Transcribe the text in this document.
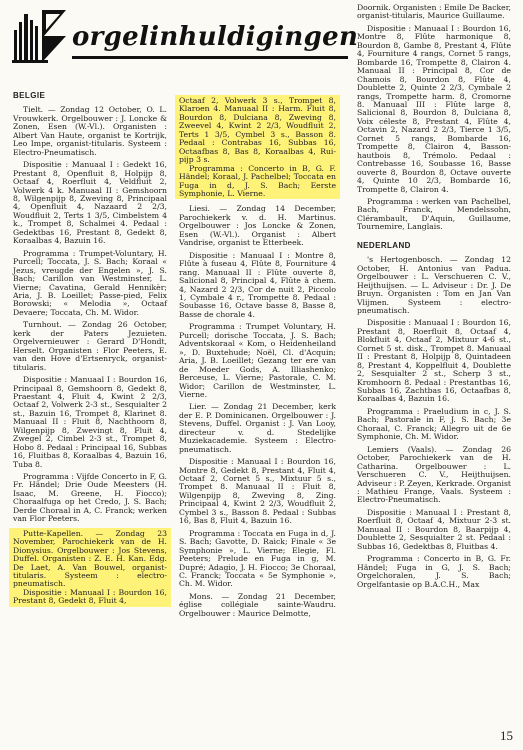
orgelinhuldigingen

BELGIE

Tielt. — Zondag 12 October, O. L. Vrouwkerk. Orgelbouwer : J. Loncke & Zonen, Esen (W.-Vl.). Organisten : Albert Van Haute, organist te Kortrijk, Leo Impe, organist-titularis. Systeem : Electro-Pneumatisch.

Dispositie : Manuaal I : Gedekt 16, Prestant 8, Openfluit 8, Holpijp 8, Octaaf 4, Roerfluit 4, Veldfluit 2, Volwerk 4 k. Manuaal II : Gemshoorn 8, Wilgenpijp 8, Zweving 8, Principaal 4, Openfluit 4, Nazaard 2 2/3, Woudfluit 2, Terts 1 3/5, Cimbelstem 4 k., Trompet 8, Schalmei 4. Pedaal : Gedektbas 16, Prestant 8, Gedekt 8, Koraalbas 4, Bazuin 16.

Programma : Trumpet-Voluntary, H. Purcell; Toccata, J. S. Bach; Koraal « Jezus, vreugde der Engelen », J. S. Bach; Carillon van Westminster, L. Vierne; Cavatina, Gerald Hennikèr; Aria, J. B. Loeillet; Passe-pied, Felix Borowski; « Melodia », Octaaf Devaere; Toccata, Ch. M. Widor.

Turnhout. — Zondag 26 October, kerk der Paters Jezuieten. Orgelvernieuwer : Gerard D'Hondt, Herselt. Organisten : Flor Peeters, E. van den Hove d'Ertsenryck, organist-titularis.

Dispositie : Manuaal I : Bourdon 16, Principaal 8, Gemshoorn 8, Gedekt 8, Praestant 4, Fluit 4, Kwint 2 2/3, Octaaf 2, Volwerk 2-3 st., Sesquialter 2 st., Bazuin 16, Trompet 8, Klarinet 8. Manuaal II : Fluit 8, Nachthoorn 8, Wilgenpijp 8, Zwevingt 8, Fluit 4, Zwegel 2, Cimbel 2-3 st., Trompet 8, Hobo 8. Pedaal : Principaal 16, Subbas 16, Fluitbas 8, Koraalbas 4, Bazuin 16, Tuba 8.

Programma : Vijfde Concerto in F, G. Fr. Händel; Drie Oude Meesters (H. Isaac, M. Greene, H. Fiocco); Choraalfuga op het Credo, J. S. Bach; Derde Choraal in A, C. Franck; werken van Flor Peeters.

Putte-Kapellen. — Zondag 23 November, Parochiekerk van de H. Dionysius. Orgelbouwer : Jos Stevens, Duffel. Organisten : Z. E. H. Kan. Edg. De Laet, A. Van Bouwel, organist-titularis. Systeem : electro-pneumatisch.

Dispositie : Manuaal I : Bourdon 16, Prestant 8, Gedekt 8, Fluit 4,

Octaaf 2, Volwerk 3 s., Trompet 8, Klaroen 4. Manuaal II : Harm. Fluit 8, Bourdon 8, Dulciana 8, Zweving 8, Zweevel 4, Kwint 2 2/3, Woudfluit 2, Terts 1 3/5, Cymbel 3 s., Basson 8. Pedaal : Contrabas 16, Subbas 16, Octaafbas 8, Bas 8, Koraalbas 4, Rui-pijp 3 s.

Programma : Concerto in B, G. F. Händel; Koraal, J. Pachelbel; Toccata en Fuga in d, J. S. Bach; Eerste Symphonie, L. Vierne.

Liesi. — Zondag 14 December, Parochiekerk v. d. H. Martinus. Orgelbouwer : Jos Loncke & Zonen, Esen (W.-Vl.). Organist : Albert Vandrise, organist te Etterbeek.

Dispositie : Manuaal I : Montre 8, Flûte à fuseau 4, Flûte 8, Fourniture 4 rang. Manuaal II : Flûte ouverte 8, Salicional 8, Principal 4, Flûte à chem. 4, Nazard 2 2/3, Cor de nuit 2, Piccolo 1, Cymbale 4 r., Trompette 8. Pedaal : Soubasse 16, Octave basse 8, Basse 8, Basse de chorale 4.

Programma : Trumpet Voluntary, H. Purcell; dorische Toccata, J. S. Bach; Adventskoraal « Kom, o Heidenheiland », D. Buxtehude; Noël, Cl. d'Acquin; Aria, J. B. Loeillet; Gezang ter ere van de Moeder Gods, A. Illiashenko; Berceuse, L. Vierne; Pastorale, C. M. Widor; Carillon de Westminster, L. Vierne.

Lier. — Zondag 21 December, kerk der E. P. Dominicanen. Orgelbouwer : J. Stevens, Duffel. Organist : J. Van Looy, directeur v. d. Stedelijke Muziekacademie. Systeem : Electro-pneumatisch.

Dispositie : Manuaal I : Bourdon 16, Montre 8, Gedekt 8, Prestant 4, Fluit 4, Octaaf 2, Cornet 5 s., Mixtuur 5 s., Trompet 8. Manuaal II : Fluit 8, Wilgenpijp 8, Zweving 8, Zing. Principaal 4, Kwint 2 2/3, Woudfluit 2, Cymbel 3 s., Basson 8. Pedaal : Subbas 16, Bas 8, Fluit 4, Bazuin 16.

Programma : Toccata en Fuga in d, J. S. Bach; Gavotte, D. Raick; Finale « 3e Symphonie », L. Vierne; Elegie, Fl. Peeters; Prelude en Fuga in g, M. Dupré; Adagio, J. H. Fiocco; 3e Choraal, C. Franck; Toccata « 5e Symphonie », Ch. M. Widor.

Mons. — Zondag 21 December, église collégiale sainte-Waudru. Orgelbouwer : Maurice Delmotte,

Doornik. Organisten : Emile De Backer, organist-titularis, Maurice Guillaume.

Dispositie : Manuaal I : Bourdon 16, Montre 8, Flûte harmonique 8, Bourdon 8, Gambe 8, Prestant 4, Flûte 4, Fourniture 4 rangs, Cornet 5 rangs, Bombarde 16, Trompette 8, Clairon 4. Manuaal II : Principal 8, Cor de Chamois 8, Bourdon 8, Flûte 4, Doublette 2, Quinte 2 2/3, Cymbale 2 rangs, Trompette harm. 8, Cromorne 8. Manuaal III : Flûte large 8, Salicional 8, Bourdon 8, Dulciana 8, Voix céleste 8, Prestant 4, Flûte 4, Octavin 2, Nazard 2 2/3, Tierce 1 3/5, Cornet 5 rangs, Bombarde 16, Trompette 8, Clairon 4, Basson-hautbois 8, Trémolo. Pedaal : Contrebasse 16, Soubasse 16, Basse ouverte 8, Bourdon 8, Octave ouverte 4, Quinte 10 2/3, Bombarde 16, Trompette 8, Clairon 4.

Programma : werken van Pachelbel, Bach, Franck, Mendelssohn, Clérambault, D'Aquin, Guillaume, Tournemire, Langlais.

NEDERLAND

's Hertogenbosch. — Zondag 12 October, H. Antonius van Padua. Orgelbouwer : L. Verschueren C. V., Heijthuijsen. — L. Adviseur : Dr. J. De Bruyn. Organisten : Tom en Jan Van Vlijmen. Systeem : electro-pneumatisch.

Dispositie : Manuaal I : Bourdon 16, Prestant 8, Roerfluit 8, Octaaf 4, Blokfluit 4, Octaaf 2, Mixtuur 4-6 st., Cornet 5 st. disk., Trompet 8. Manuaal II : Prestant 8, Holpijp 8, Quintadeen 8, Prestant 4, Koppelfluit 4, Doublette 2, Sesquialter 2 st., Scherp 3 st., Kromhoorn 8. Pedaal : Prestantbas 16, Subbas 16, Zachtbas 16, Octaafbas 8, Koraalbas 4, Bazuin 16.

Programma : Praeludium in c, J. S. Bach; Pastorale in F, J. S. Bach; 3e Choraal, C. Franck; Allegro uit de 6e Symphonie, Ch. M. Widor.

Lemiers (Vaals). — Zondag 26 October, Parochiekerk van de H. Catharina. Orgelbouwer : L. Verschueren C. V., Heijthuijsen. Adviseur : P. Zeyen, Kerkrade. Organist : Mathieu Frange, Vaals. Systeem : Electro-Pneumatisch.

Dispositie : Manuaal I : Prestant 8, Roerfluit 8, Octaaf 4, Mixtuur 2-3 st. Manuaal II : Bourdon 8, Baarpijp 4, Doublette 2, Sesquialter 2 st. Pedaal : Subbas 16, Gedektbas 8, Fluitbas 4.

Programma : Concerto in B, G. Fr. Händel; Fuga in G, J. S. Bach; Orgelchoralen, J. S. Bach; Orgelfantasie op B.A.C.H., Max

15
